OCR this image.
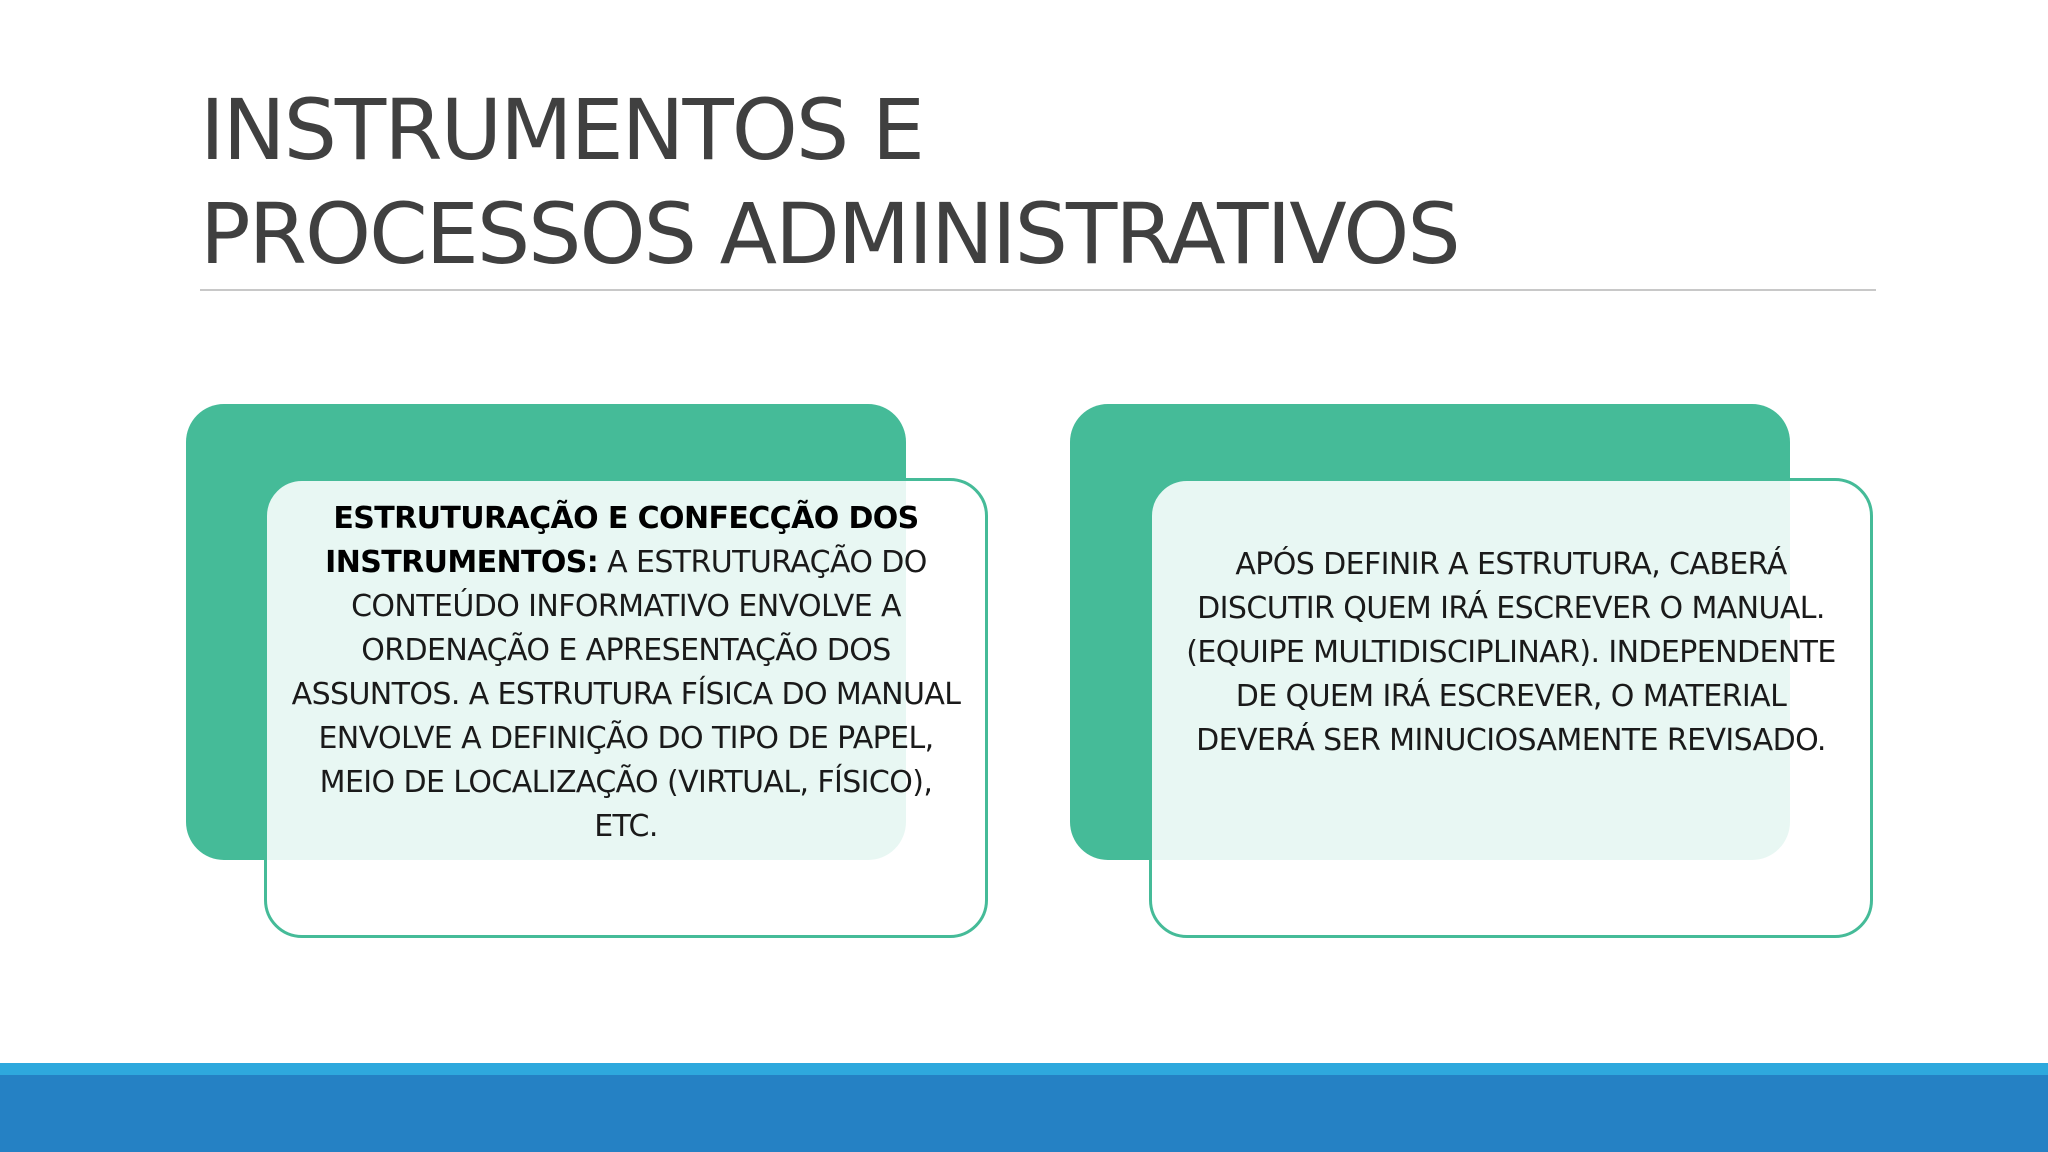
INSTRUMENTOS E
PROCESSOS ADMINISTRATIVOS

ESTRUTURAÇÃO E CONFECÇÃO DOS INSTRUMENTOS: A ESTRUTURAÇÃO DO CONTEÚDO INFORMATIVO ENVOLVE A ORDENAÇÃO E APRESENTAÇÃO DOS ASSUNTOS. A ESTRUTURA FÍSICA DO MANUAL ENVOLVE A DEFINIÇÃO DO TIPO DE PAPEL, MEIO DE LOCALIZAÇÃO (VIRTUAL, FÍSICO), ETC.

APÓS DEFINIR A ESTRUTURA, CABERÁ DISCUTIR QUEM IRÁ ESCREVER O MANUAL. (EQUIPE MULTIDISCIPLINAR). INDEPENDENTE DE QUEM IRÁ ESCREVER, O MATERIAL DEVERÁ SER MINUCIOSAMENTE REVISADO.
